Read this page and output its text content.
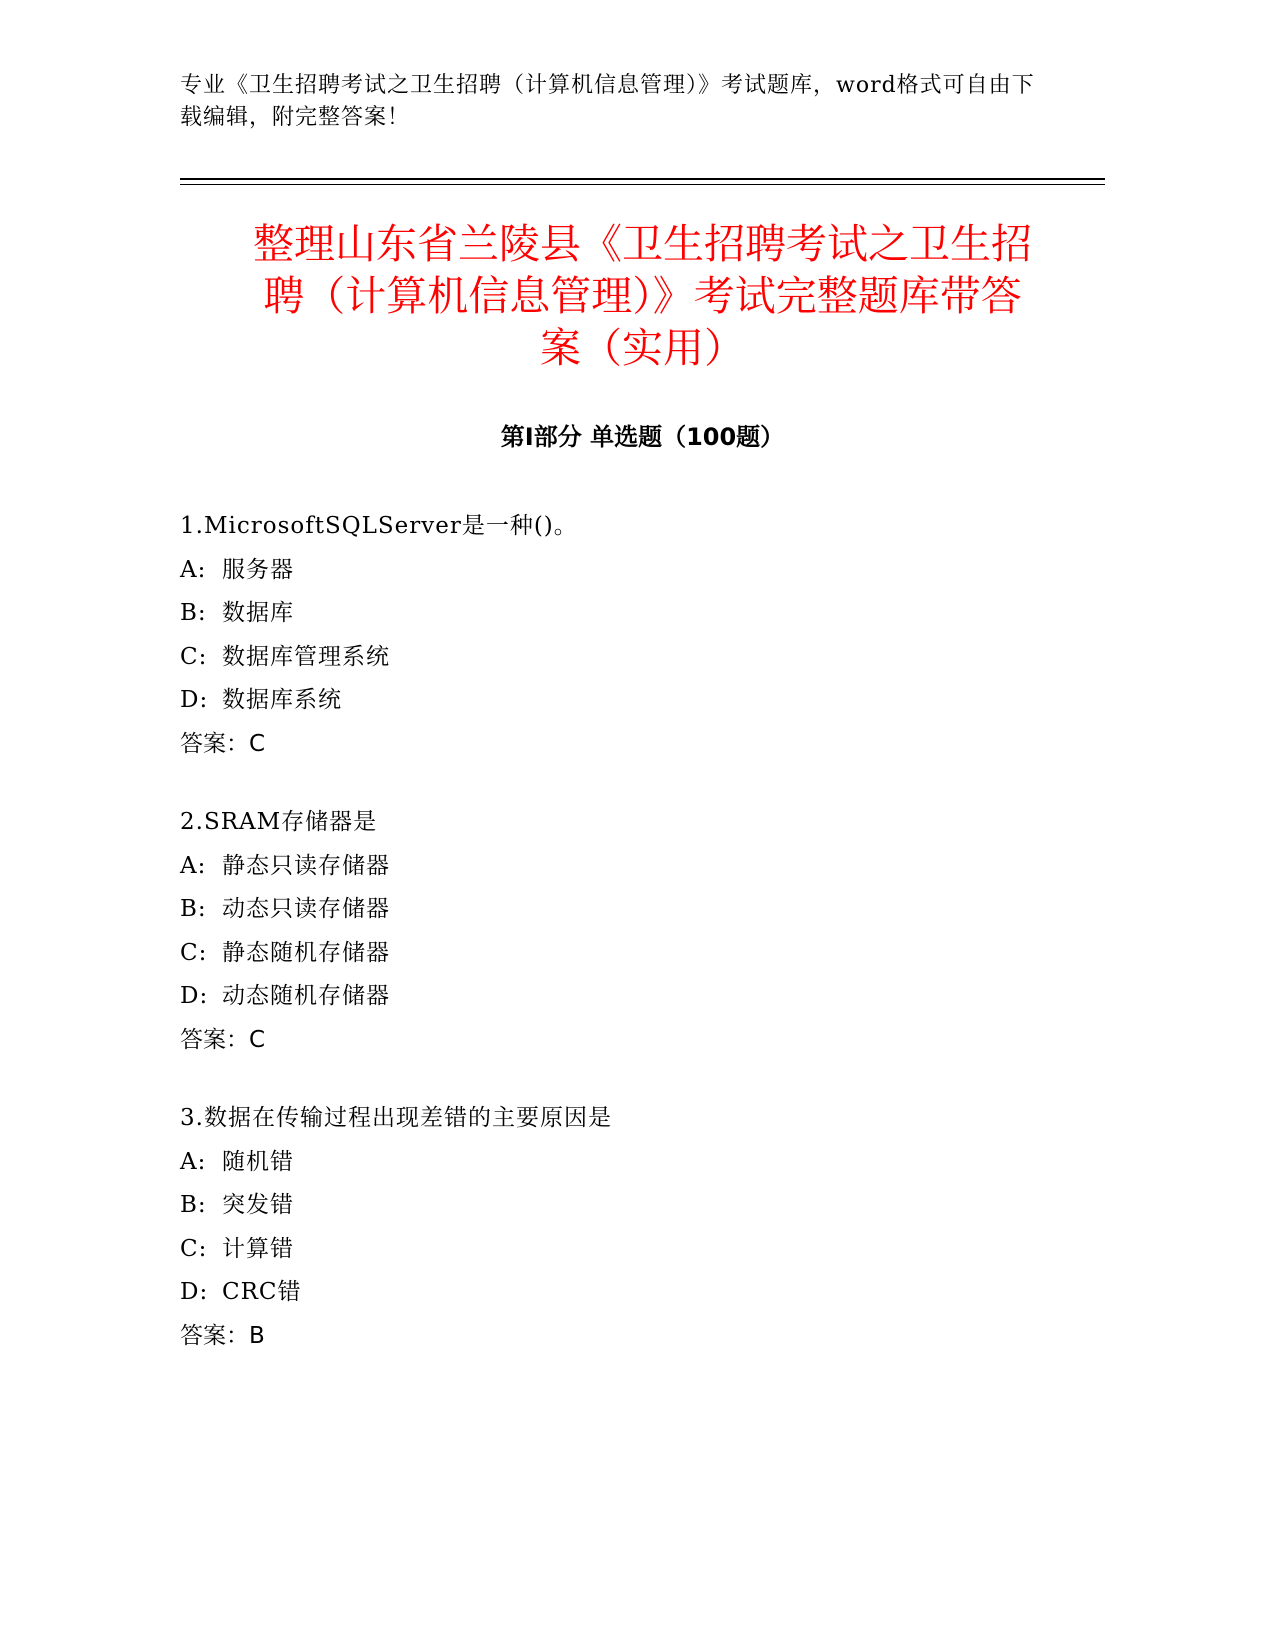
专业《卫生招聘考试之卫生招聘（计算机信息管理）》考试题库，word格式可自由下载编辑，附完整答案！
整理山东省兰陵县《卫生招聘考试之卫生招
聘（计算机信息管理）》考试完整题库带答
案（实用）
第Ⅰ部分 单选题（100题）
1.MicrosoftSQLServer是一种()。
A: 服务器
B: 数据库
C: 数据库管理系统
D: 数据库系统
答案：C
2.SRAM存储器是
A: 静态只读存储器
B: 动态只读存储器
C: 静态随机存储器
D: 动态随机存储器
答案：C
3.数据在传输过程出现差错的主要原因是
A: 随机错
B: 突发错
C: 计算错
D: CRC错
答案：B
